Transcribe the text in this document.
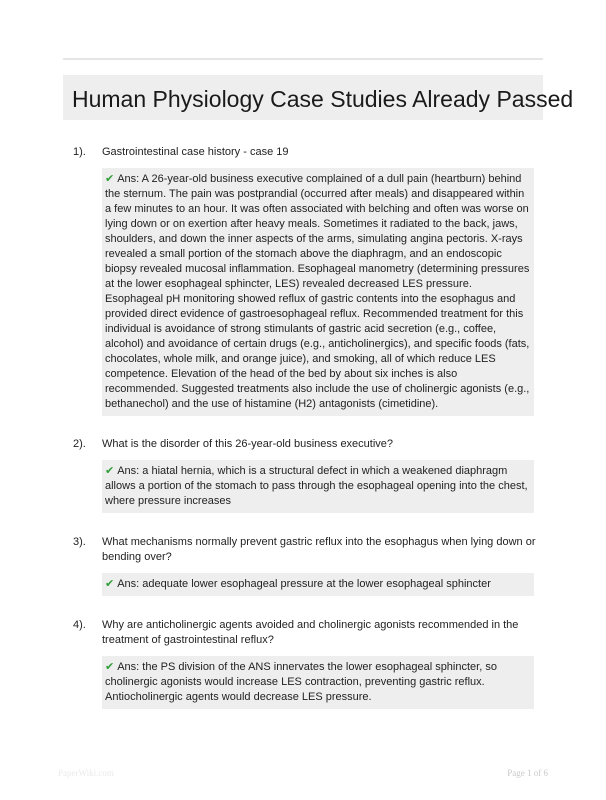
Human Physiology Case Studies Already Passed
1). Gastrointestinal case history - case 19
✔ Ans: A 26-year-old business executive complained of a dull pain (heartburn) behind the sternum. The pain was postprandial (occurred after meals) and disappeared within a few minutes to an hour. It was often associated with belching and often was worse on lying down or on exertion after heavy meals. Sometimes it radiated to the back, jaws, shoulders, and down the inner aspects of the arms, simulating angina pectoris. X-rays revealed a small portion of the stomach above the diaphragm, and an endoscopic biopsy revealed mucosal inflammation. Esophageal manometry (determining pressures at the lower esophageal sphincter, LES) revealed decreased LES pressure. Esophageal pH monitoring showed reflux of gastric contents into the esophagus and provided direct evidence of gastroesophageal reflux. Recommended treatment for this individual is avoidance of strong stimulants of gastric acid secretion (e.g., coffee, alcohol) and avoidance of certain drugs (e.g., anticholinergics), and specific foods (fats, chocolates, whole milk, and orange juice), and smoking, all of which reduce LES competence. Elevation of the head of the bed by about six inches is also recommended. Suggested treatments also include the use of cholinergic agonists (e.g., bethanechol) and the use of histamine (H2) antagonists (cimetidine).
2). What is the disorder of this 26-year-old business executive?
✔ Ans: a hiatal hernia, which is a structural defect in which a weakened diaphragm allows a portion of the stomach to pass through the esophageal opening into the chest, where pressure increases
3). What mechanisms normally prevent gastric reflux into the esophagus when lying down or bending over?
✔ Ans: adequate lower esophageal pressure at the lower esophageal sphincter
4). Why are anticholinergic agents avoided and cholinergic agonists recommended in the treatment of gastrointestinal reflux?
✔ Ans: the PS division of the ANS innervates the lower esophageal sphincter, so cholinergic agonists would increase LES contraction, preventing gastric reflux. Antiocholinergic agents would decrease LES pressure.
PaperWiki.com	Page 1 of 6
